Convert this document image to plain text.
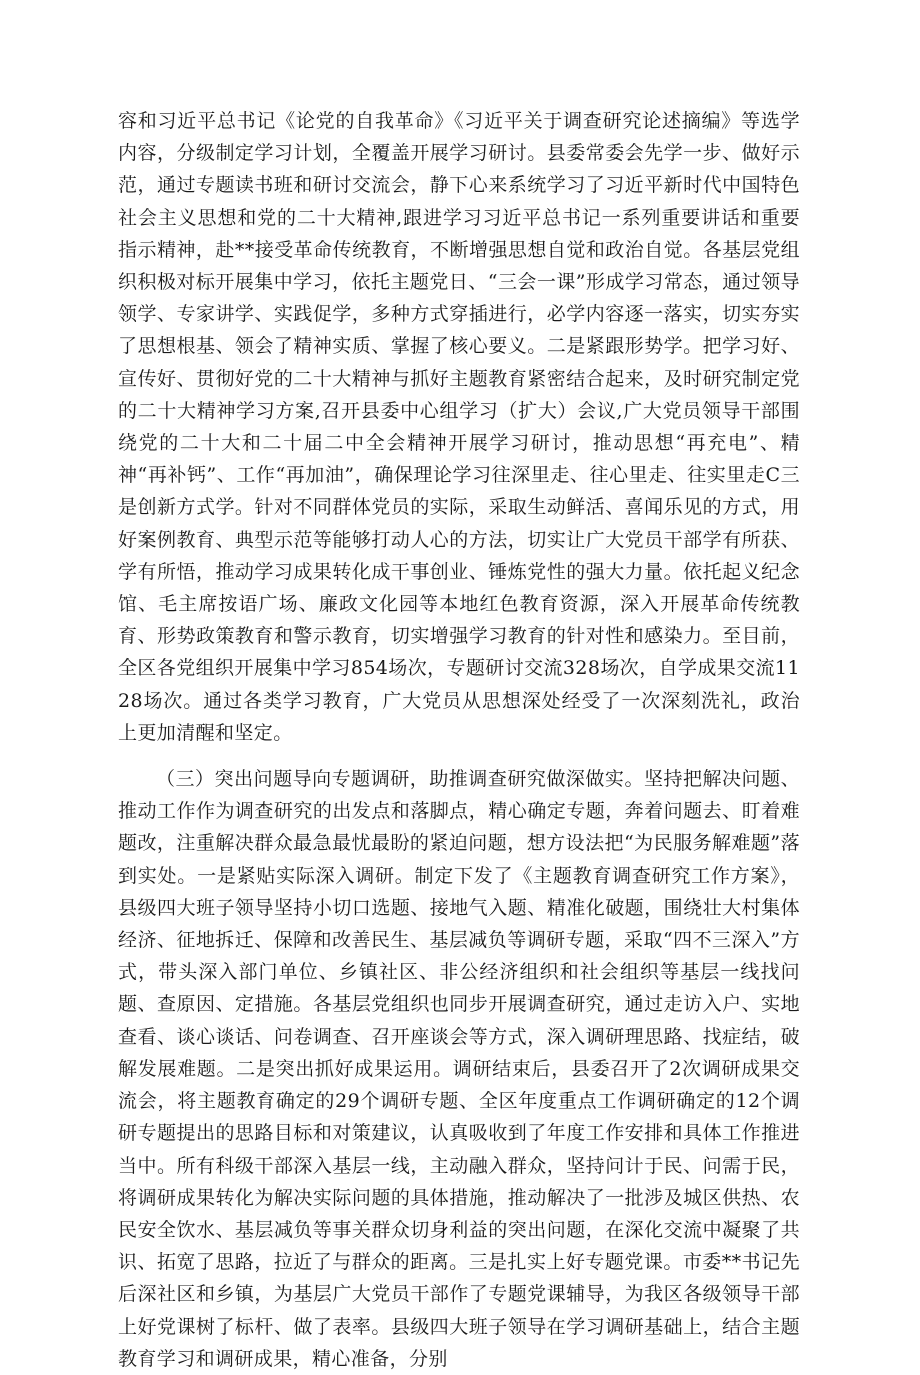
容和习近平总书记《论党的自我革命》《习近平关于调查研究论述摘编》等选学内容，分级制定学习计划，全覆盖开展学习研讨。县委常委会先学一步、做好示范，通过专题读书班和研讨交流会，静下心来系统学习了习近平新时代中国特色社会主义思想和党的二十大精神,跟进学习习近平总书记一系列重要讲话和重要指示精神，赴**接受革命传统教育，不断增强思想自觉和政治自觉。各基层党组织积极对标开展集中学习，依托主题党日、“三会一课”形成学习常态，通过领导领学、专家讲学、实践促学，多种方式穿插进行，必学内容逐一落实，切实夯实了思想根基、领会了精神实质、掌握了核心要义。二是紧跟形势学。把学习好、宣传好、贯彻好党的二十大精神与抓好主题教育紧密结合起来，及时研究制定党的二十大精神学习方案,召开县委中心组学习（扩大）会议,广大党员领导干部围绕党的二十大和二十届二中全会精神开展学习研讨，推动思想“再充电”、精神“再补钙”、工作“再加油”，确保理论学习往深里走、往心里走、往实里走C三是创新方式学。针对不同群体党员的实际，采取生动鲜活、喜闻乐见的方式，用好案例教育、典型示范等能够打动人心的方法，切实让广大党员干部学有所获、学有所悟，推动学习成果转化成干事创业、锤炼党性的强大力量。依托起义纪念馆、毛主席按语广场、廉政文化园等本地红色教育资源，深入开展革命传统教育、形势政策教育和警示教育，切实增强学习教育的针对性和感染力。至目前，全区各党组织开展集中学习854场次，专题研讨交流328场次，自学成果交流1128场次。通过各类学习教育，广大党员从思想深处经受了一次深刻洗礼，政治上更加清醒和坚定。

（三）突出问题导向专题调研，助推调查研究做深做实。坚持把解决问题、推动工作作为调查研究的出发点和落脚点，精心确定专题，奔着问题去、盯着难题改，注重解决群众最急最忧最盼的紧迫问题，想方设法把“为民服务解难题”落到实处。一是紧贴实际深入调研。制定下发了《主题教育调查研究工作方案》，县级四大班子领导坚持小切口选题、接地气入题、精准化破题，围绕壮大村集体经济、征地拆迁、保障和改善民生、基层减负等调研专题，采取“四不三深入”方式，带头深入部门单位、乡镇社区、非公经济组织和社会组织等基层一线找问题、查原因、定措施。各基层党组织也同步开展调查研究，通过走访入户、实地查看、谈心谈话、问卷调查、召开座谈会等方式，深入调研理思路、找症结，破解发展难题。二是突出抓好成果运用。调研结束后，县委召开了2次调研成果交流会，将主题教育确定的29个调研专题、全区年度重点工作调研确定的12个调研专题提出的思路目标和对策建议，认真吸收到了年度工作安排和具体工作推进当中。所有科级干部深入基层一线，主动融入群众，坚持问计于民、问需于民，将调研成果转化为解决实际问题的具体措施，推动解决了一批涉及城区供热、农民安全饮水、基层减负等事关群众切身利益的突出问题，在深化交流中凝聚了共识、拓宽了思路，拉近了与群众的距离。三是扎实上好专题党课。市委**书记先后深社区和乡镇，为基层广大党员干部作了专题党课辅导，为我区各级领导干部上好党课树了标杆、做了表率。县级四大班子领导在学习调研基础上，结合主题教育学习和调研成果，精心准备，分别
